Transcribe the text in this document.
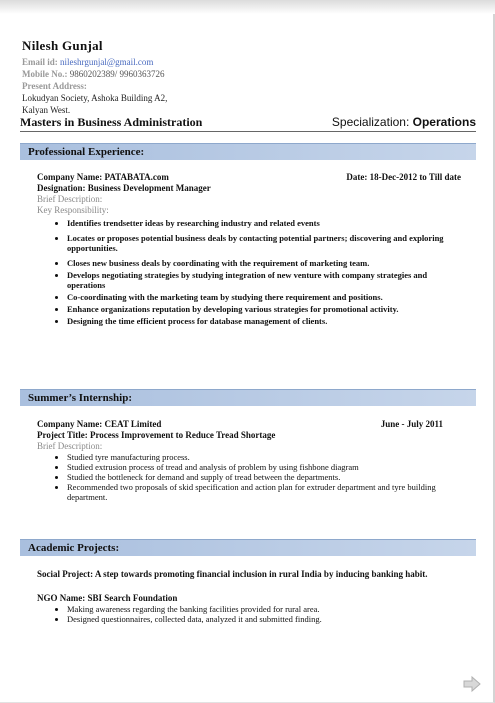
Nilesh Gunjal
Email id: nileshrgunjal@gmail.com
Mobile No.: 9860202389/ 9960363726
Present Address:
Lokudyan Society, Ashoka Building A2,
Kalyan West.
Masters in Business Administration	Specialization: Operations
Professional Experience:
Company Name: PATABATA.com	Date: 18-Dec-2012 to Till date
Designation: Business Development Manager
Brief Description:
Key Responsibility:
• Identifies trendsetter ideas by researching industry and related events
• Locates or proposes potential business deals by contacting potential partners; discovering and exploring opportunities.
• Closes new business deals by coordinating with the requirement of marketing team.
• Develops negotiating strategies by studying integration of new venture with company strategies and operations
• Co-coordinating with the marketing team by studying there requirement and positions.
• Enhance organizations reputation by developing various strategies for promotional activity.
• Designing the time efficient process for database management of clients.
Summer’s Internship:
Company Name: CEAT Limited	June - July 2011
Project Title: Process Improvement to Reduce Tread Shortage
Brief Description:
• Studied tyre manufacturing process.
• Studied extrusion process of tread and analysis of problem by using fishbone diagram
• Studied the bottleneck for demand and supply of tread between the departments.
• Recommended two proposals of skid specification and action plan for extruder department and tyre building department.
Academic Projects:
Social Project: A step towards promoting financial inclusion in rural India by inducing banking habit.
NGO Name: SBI Search Foundation
• Making awareness regarding the banking facilities provided for rural area.
• Designed questionnaires, collected data, analyzed it and submitted finding.
